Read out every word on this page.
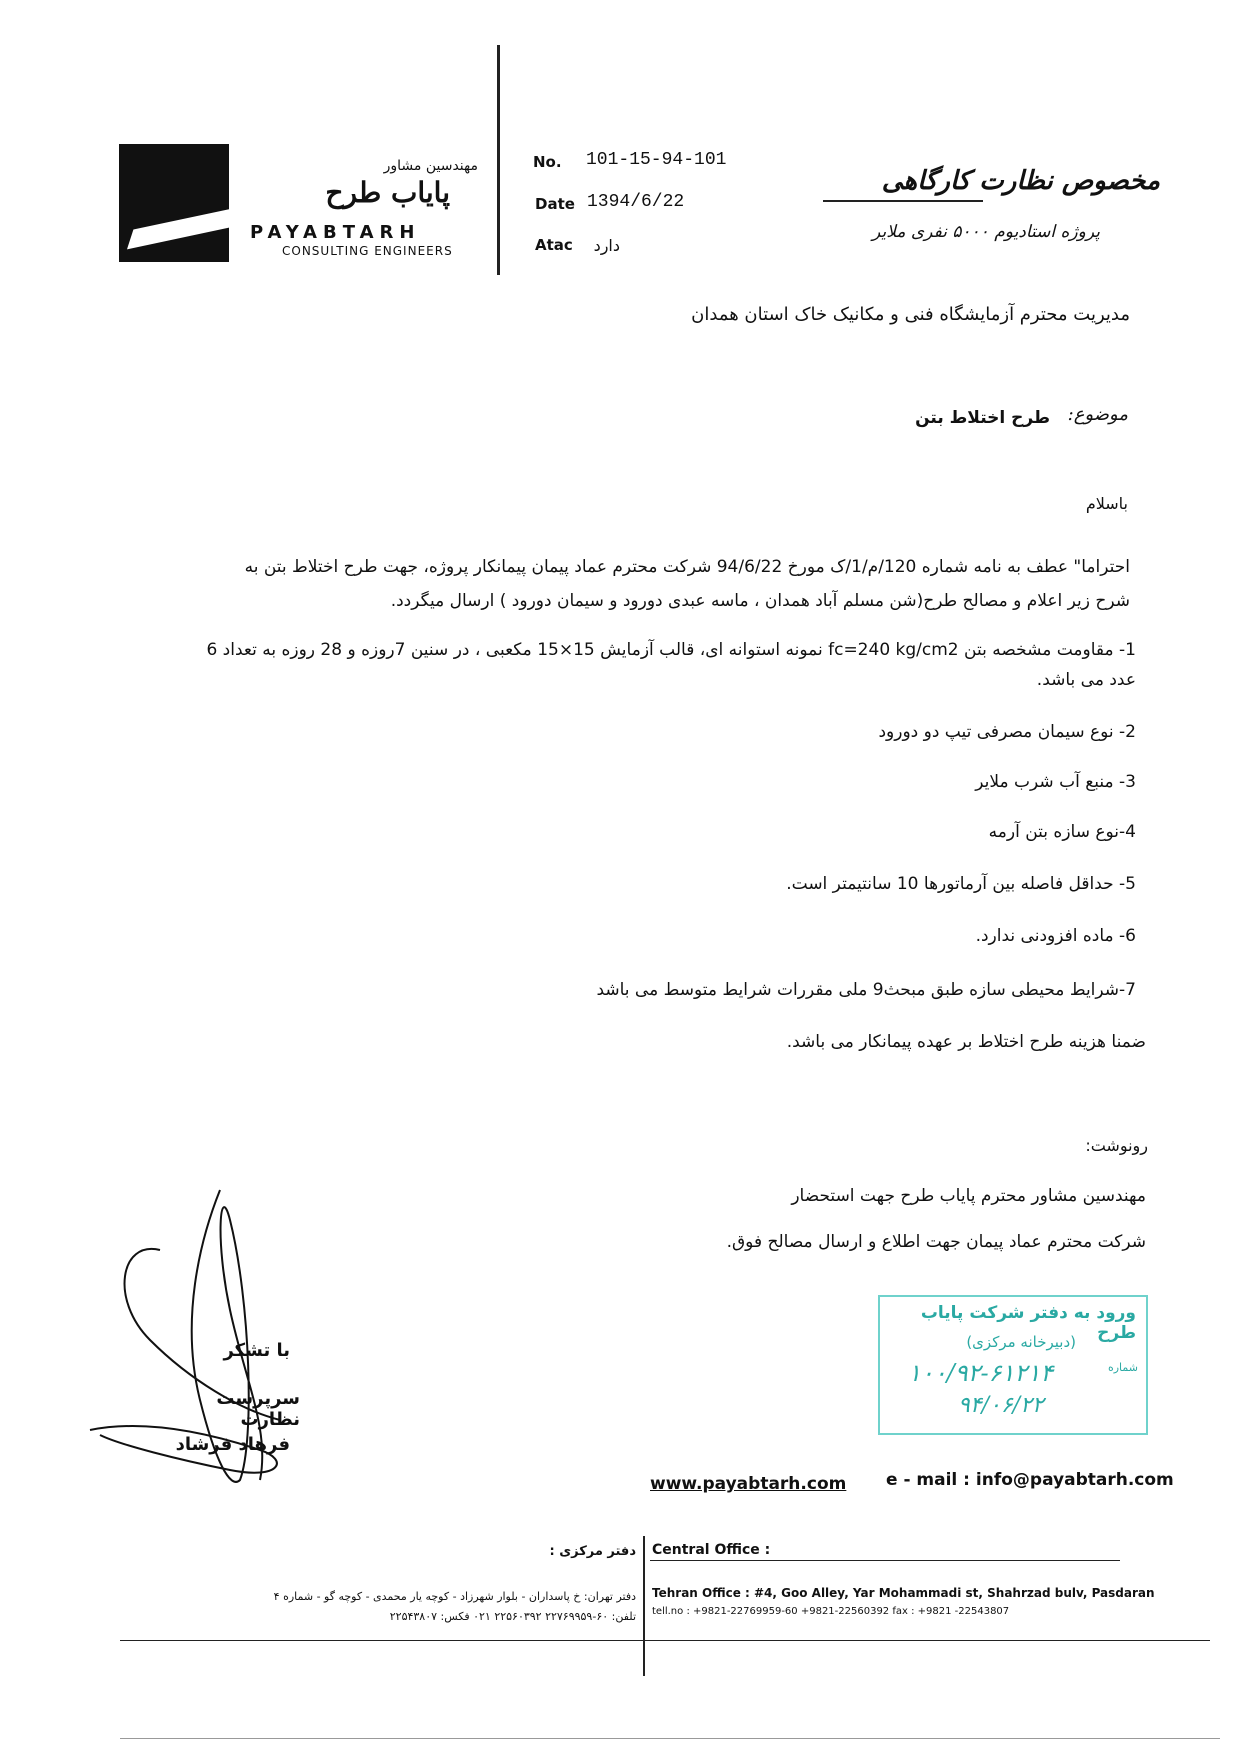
مهندسین مشاور
پایاب طرح
PAYABTARH
CONSULTING ENGINEERS
No. 101-15-94-101
Date 1394/6/22
Atac	دارد
مخصوص نظارت کارگاهی
پروژه استادیوم ۵۰۰۰ نفری ملایر
مدیریت محترم آزمایشگاه فنی و مکانیک خاک استان همدان
موضوع:
طرح اختلاط بتن
باسلام
احتراما" عطف به نامه شماره 120/م/1/ک مورخ 94/6/22 شرکت محترم عماد پیمان پیمانکار پروژه، جهت طرح اختلاط بتن به
شرح زیر اعلام و مصالح طرح(شن مسلم آباد همدان ، ماسه عبدی دورود و سیمان دورود ) ارسال میگردد.
1- مقاومت مشخصه بتن fc=240 kg/cm2 نمونه استوانه ای، قالب آزمایش 15×15 مکعبی ، در سنین 7روزه و 28 روزه به تعداد 6
عدد می باشد.
2- نوع سیمان مصرفی تیپ دو دورود
3- منبع آب شرب ملایر
4-نوع سازه بتن آرمه
5- حداقل فاصله بین آرماتورها 10 سانتیمتر است.
6- ماده افزودنی ندارد.
7-شرایط محیطی سازه طبق مبحث9 ملی مقررات شرایط متوسط می باشد
ضمنا هزینه طرح اختلاط بر عهده پیمانکار می باشد.
رونوشت:
مهندسین مشاور محترم پایاب طرح جهت استحضار
شرکت محترم عماد پیمان جهت اطلاع و ارسال مصالح فوق.
با تشکر
سرپرست نظارت
فرهاد فرشاد
ورود به دفتر شرکت پایاب طرح
(دبیرخانه مرکزی)
شماره
۱۰۰/۹۲-۶۱۲۱۴
۹۴/۰۶/۲۲
www.payabtarh.com e - mail : info@payabtarh.com
دفتر مرکزی : Central Office :
Tehran Office : #4, Goo Alley, Yar Mohammadi st, Shahrzad bulv, Pasdaran
tell.no : +9821-22769959-60 +9821-22560392 fax : +9821 -22543807
دفتر تهران: خ پاسداران - بلوار شهرزاد - کوچه یار محمدی - کوچه گو - شماره ۴
تلفن: ۶۰-۲۲۷۶۹۹۵۹ ۲۲۵۶۰۳۹۲ ۰۲۱ فکس: ۲۲۵۴۳۸۰۷
